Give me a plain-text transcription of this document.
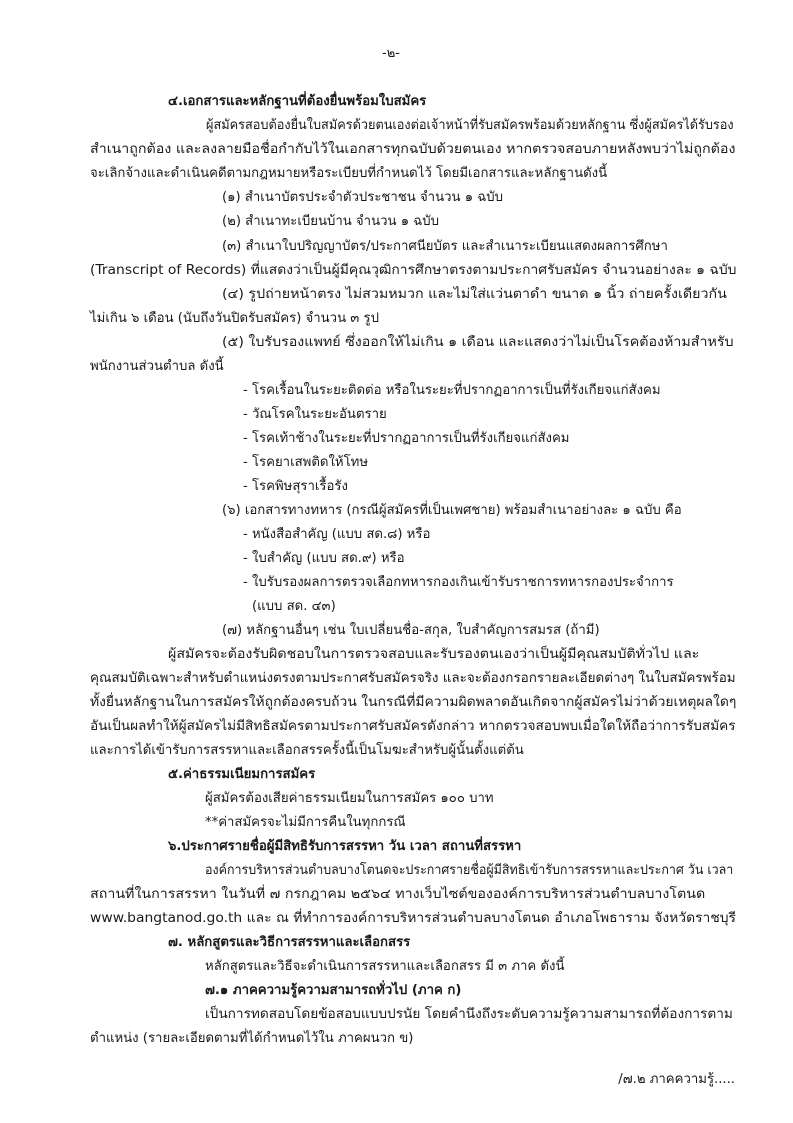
-๒-
๔.เอกสารและหลักฐานที่ต้องยื่นพร้อมใบสมัคร
ผู้สมัครสอบต้องยื่นใบสมัครด้วยตนเองต่อเจ้าหน้าที่รับสมัครพร้อมด้วยหลักฐาน ซึ่งผู้สมัครได้รับรอง
สำเนาถูกต้อง และลงลายมือชื่อกำกับไว้ในเอกสารทุกฉบับด้วยตนเอง หากตรวจสอบภายหลังพบว่าไม่ถูกต้อง
จะเลิกจ้างและดำเนินคดีตามกฎหมายหรือระเบียบที่กำหนดไว้ โดยมีเอกสารและหลักฐานดังนี้
(๑) สำเนาบัตรประจำตัวประชาชน จำนวน ๑ ฉบับ
(๒) สำเนาทะเบียนบ้าน จำนวน ๑ ฉบับ
(๓) สำเนาใบปริญญาบัตร/ประกาศนียบัตร และสำเนาระเบียนแสดงผลการศึกษา
(Transcript of Records) ที่แสดงว่าเป็นผู้มีคุณวุฒิการศึกษาตรงตามประกาศรับสมัคร จำนวนอย่างละ ๑ ฉบับ
(๔) รูปถ่ายหน้าตรง ไม่สวมหมวก และไม่ใส่แว่นตาดำ ขนาด ๑ นิ้ว ถ่ายครั้งเดียวกัน
ไม่เกิน ๖ เดือน (นับถึงวันปิดรับสมัคร) จำนวน ๓ รูป
(๕) ใบรับรองแพทย์ ซึ่งออกให้ไม่เกิน ๑ เดือน และแสดงว่าไม่เป็นโรคต้องห้ามสำหรับ
พนักงานส่วนตำบล ดังนี้
- โรคเรื้อนในระยะติดต่อ หรือในระยะที่ปรากฏอาการเป็นที่รังเกียจแก่สังคม
- วัณโรคในระยะอันตราย
- โรคเท้าช้างในระยะที่ปรากฏอาการเป็นที่รังเกียจแก่สังคม
- โรคยาเสพติดให้โทษ
- โรคพิษสุราเรื้อรัง
(๖) เอกสารทางทหาร (กรณีผู้สมัครที่เป็นเพศชาย) พร้อมสำเนาอย่างละ ๑ ฉบับ คือ
- หนังสือสำคัญ (แบบ สด.๘) หรือ
- ใบสำคัญ (แบบ สด.๙) หรือ
- ใบรับรองผลการตรวจเลือกทหารกองเกินเข้ารับราชการทหารกองประจำการ
(แบบ สด. ๔๓)
(๗) หลักฐานอื่นๆ เช่น ใบเปลี่ยนชื่อ-สกุล, ใบสำคัญการสมรส (ถ้ามี)
ผู้สมัครจะต้องรับผิดชอบในการตรวจสอบและรับรองตนเองว่าเป็นผู้มีคุณสมบัติทั่วไป และ
คุณสมบัติเฉพาะสำหรับตำแหน่งตรงตามประกาศรับสมัครจริง และจะต้องกรอกรายละเอียดต่างๆ ในใบสมัครพร้อม
ทั้งยื่นหลักฐานในการสมัครให้ถูกต้องครบถ้วน ในกรณีที่มีความผิดพลาดอันเกิดจากผู้สมัครไม่ว่าด้วยเหตุผลใดๆ
อันเป็นผลทำให้ผู้สมัครไม่มีสิทธิสมัครตามประกาศรับสมัครดังกล่าว หากตรวจสอบพบเมื่อใดให้ถือว่าการรับสมัคร
และการได้เข้ารับการสรรหาและเลือกสรรครั้งนี้เป็นโมฆะสำหรับผู้นั้นตั้งแต่ต้น
๕.ค่าธรรมเนียมการสมัคร
ผู้สมัครต้องเสียค่าธรรมเนียมในการสมัคร ๑๐๐ บาท
**ค่าสมัครจะไม่มีการคืนในทุกกรณี
๖.ประกาศรายชื่อผู้มีสิทธิรับการสรรหา วัน เวลา สถานที่สรรหา
องค์การบริหารส่วนตำบลบางโตนดจะประกาศรายชื่อผู้มีสิทธิเข้ารับการสรรหาและประกาศ วัน เวลา
สถานที่ในการสรรหา ในวันที่ ๗ กรกฎาคม ๒๕๖๔ ทางเว็บไซต์ขององค์การบริหารส่วนตำบลบางโตนด
www.bangtanod.go.th และ ณ ที่ทำการองค์การบริหารส่วนตำบลบางโตนด อำเภอโพธาราม จังหวัดราชบุรี
๗. หลักสูตรและวิธีการสรรหาและเลือกสรร
หลักสูตรและวิธีจะดำเนินการสรรหาและเลือกสรร มี ๓ ภาค ดังนี้
๗.๑ ภาคความรู้ความสามารถทั่วไป (ภาค ก)
เป็นการทดสอบโดยข้อสอบแบบปรนัย โดยคำนึงถึงระดับความรู้ความสามารถที่ต้องการตาม
ตำแหน่ง (รายละเอียดตามที่ได้กำหนดไว้ใน ภาคผนวก ข)
/๗.๒ ภาคความรู้.....
